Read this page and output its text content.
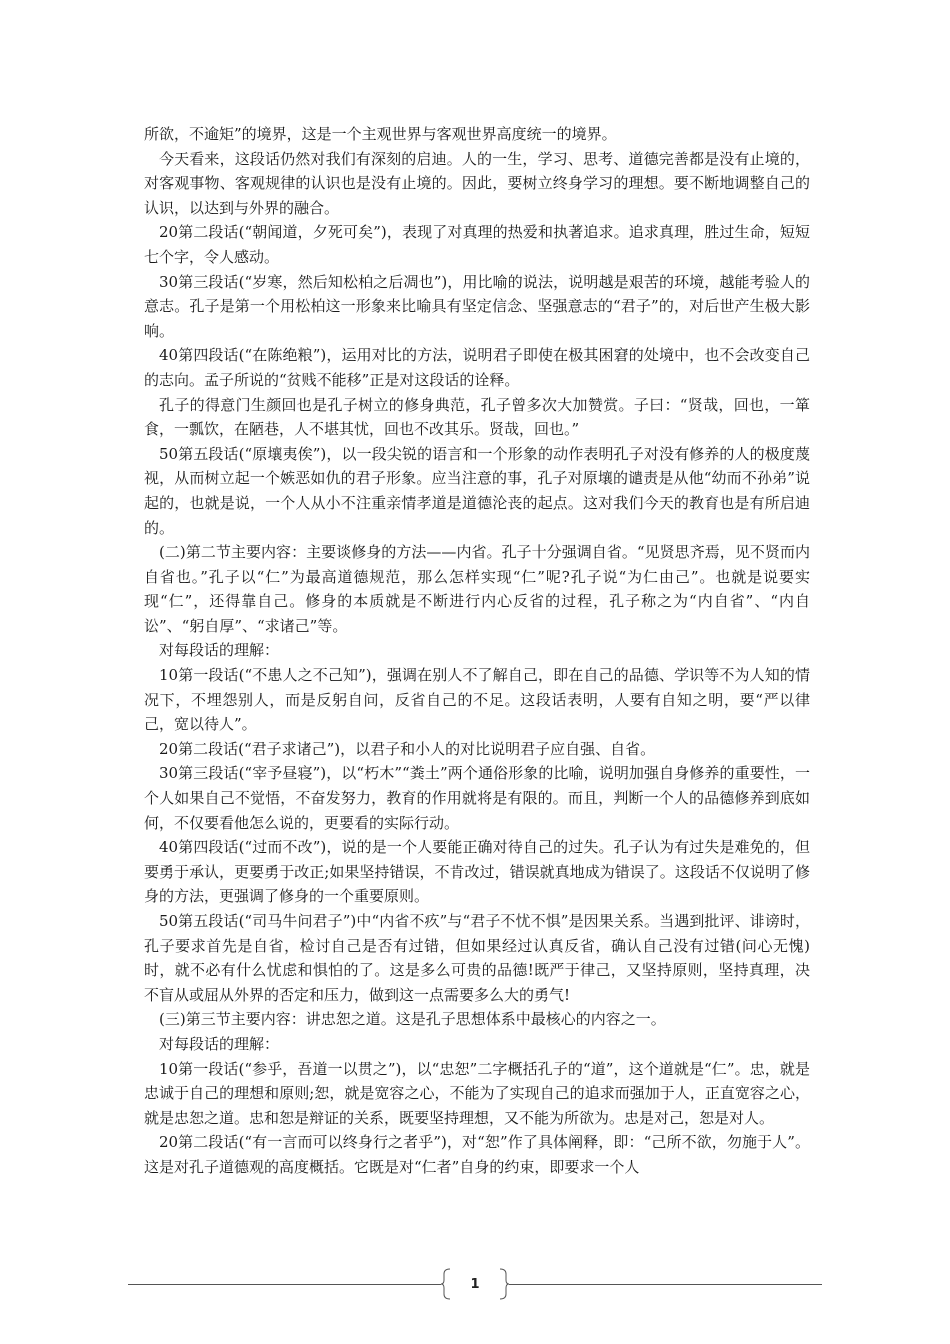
所欲，不逾矩”的境界，这是一个主观世界与客观世界高度统一的境界。

今天看来，这段话仍然对我们有深刻的启迪。人的一生，学习、思考、道德完善都是没有止境的，对客观事物、客观规律的认识也是没有止境的。因此，要树立终身学习的理想。要不断地调整自己的认识，以达到与外界的融合。

20第二段话(“朝闻道，夕死可矣”)，表现了对真理的热爱和执著追求。追求真理，胜过生命，短短七个字，令人感动。

30第三段话(“岁寒，然后知松柏之后凋也”)，用比喻的说法，说明越是艰苦的环境，越能考验人的意志。孔子是第一个用松柏这一形象来比喻具有坚定信念、坚强意志的“君子”的，对后世产生极大影响。

40第四段话(“在陈绝粮”)，运用对比的方法，说明君子即使在极其困窘的处境中，也不会改变自己的志向。孟子所说的“贫贱不能移”正是对这段话的诠释。

孔子的得意门生颜回也是孔子树立的修身典范，孔子曾多次大加赞赏。子曰：“贤哉，回也，一箪食，一瓢饮，在陋巷，人不堪其忧，回也不改其乐。贤哉，回也。”

50第五段话(“原壤夷俟”)，以一段尖锐的语言和一个形象的动作表明孔子对没有修养的人的极度蔑视，从而树立起一个嫉恶如仇的君子形象。应当注意的事，孔子对原壤的谴责是从他“幼而不孙弟”说起的，也就是说，一个人从小不注重亲情孝道是道德沦丧的起点。这对我们今天的教育也是有所启迪的。

(二)第二节主要内容：主要谈修身的方法——内省。孔子十分强调自省。“见贤思齐焉，见不贤而内自省也。”孔子以“仁”为最高道德规范，那么怎样实现“仁”呢?孔子说“为仁由己”。也就是说要实现“仁”，还得靠自己。修身的本质就是不断进行内心反省的过程，孔子称之为“内自省”、“内自讼”、“躬自厚”、“求诸己”等。

对每段话的理解：

10第一段话(“不患人之不己知”)，强调在别人不了解自己，即在自己的品德、学识等不为人知的情况下，不埋怨别人，而是反躬自问，反省自己的不足。这段话表明，人要有自知之明，要“严以律己，宽以待人”。

20第二段话(“君子求诸己”)，以君子和小人的对比说明君子应自强、自省。

30第三段话(“宰予昼寝”)，以“朽木”“粪土”两个通俗形象的比喻，说明加强自身修养的重要性，一个人如果自己不觉悟，不奋发努力，教育的作用就将是有限的。而且，判断一个人的品德修养到底如何，不仅要看他怎么说的，更要看的实际行动。

40第四段话(“过而不改”)，说的是一个人要能正确对待自己的过失。孔子认为有过失是难免的，但要勇于承认，更要勇于改正;如果坚持错误，不肯改过，错误就真地成为错误了。这段话不仅说明了修身的方法，更强调了修身的一个重要原则。

50第五段话(“司马牛问君子”)中“内省不疚”与“君子不忧不惧”是因果关系。当遇到批评、诽谤时，孔子要求首先是自省，检讨自己是否有过错，但如果经过认真反省，确认自己没有过错(问心无愧)时，就不必有什么忧虑和惧怕的了。这是多么可贵的品德!既严于律己，又坚持原则，坚持真理，决不盲从或屈从外界的否定和压力，做到这一点需要多么大的勇气!

(三)第三节主要内容：讲忠恕之道。这是孔子思想体系中最核心的内容之一。

对每段话的理解：

10第一段话(“参乎，吾道一以贯之”)，以“忠恕”二字概括孔子的“道”，这个道就是“仁”。忠，就是忠诚于自己的理想和原则;恕，就是宽容之心，不能为了实现自己的追求而强加于人，正直宽容之心，就是忠恕之道。忠和恕是辩证的关系，既要坚持理想，又不能为所欲为。忠是对己，恕是对人。

20第二段话(“有一言而可以终身行之者乎”)，对“恕”作了具体阐释，即：“己所不欲，勿施于人”。这是对孔子道德观的高度概括。它既是对“仁者”自身的约束，即要求一个人

1
